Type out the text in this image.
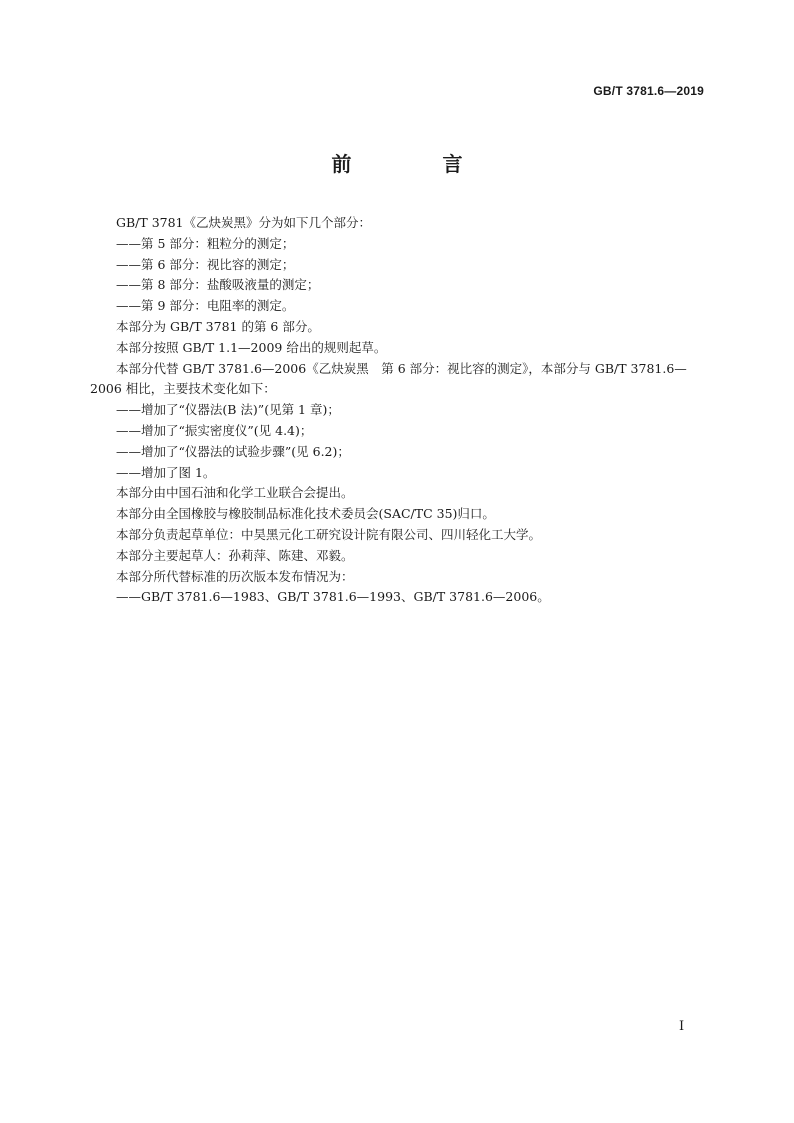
GB/T 3781.6—2019
前 言
GB/T 3781《乙炔炭黑》分为如下几个部分：
——第 5 部分：粗粒分的测定；
——第 6 部分：视比容的测定；
——第 8 部分：盐酸吸液量的测定；
——第 9 部分：电阻率的测定。
本部分为 GB/T 3781 的第 6 部分。
本部分按照 GB/T 1.1—2009 给出的规则起草。
本部分代替 GB/T 3781.6—2006《乙炔炭黑　第 6 部分：视比容的测定》，本部分与 GB/T 3781.6—
2006 相比，主要技术变化如下：
——增加了“仪器法(B 法)”(见第 1 章)；
——增加了“振实密度仪”(见 4.4)；
——增加了“仪器法的试验步骤”(见 6.2)；
——增加了图 1。
本部分由中国石油和化学工业联合会提出。
本部分由全国橡胶与橡胶制品标准化技术委员会(SAC/TC 35)归口。
本部分负责起草单位：中昊黑元化工研究设计院有限公司、四川轻化工大学。
本部分主要起草人：孙莉萍、陈建、邓毅。
本部分所代替标准的历次版本发布情况为：
——GB/T 3781.6—1983、GB/T 3781.6—1993、GB/T 3781.6—2006。
I
